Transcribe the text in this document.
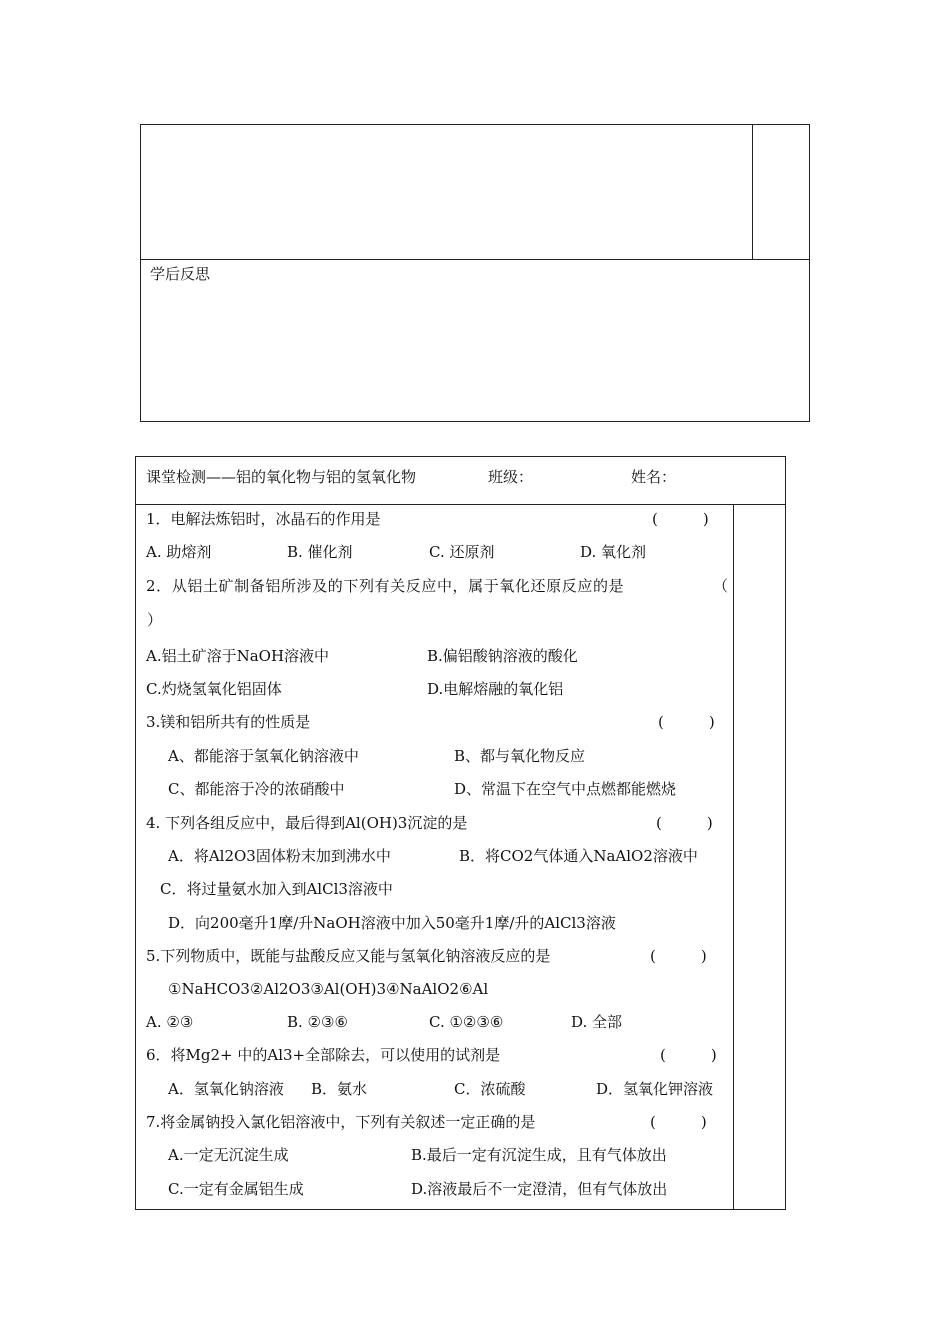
学后反思
课堂检测——铝的氧化物与铝的氢氧化物	班级：	姓名：
1．电解法炼铝时，冰晶石的作用是	(　　　)
A. 助熔剂	B. 催化剂	C. 还原剂	D. 氧化剂
2．从铝土矿制备铝所涉及的下列有关反应中，属于氧化还原反应的是	（
）
A.铝土矿溶于NaOH溶液中	B.偏铝酸钠溶液的酸化
C.灼烧氢氧化铝固体	D.电解熔融的氧化铝
3.镁和铝所共有的性质是	(　　　)
A、都能溶于氢氧化钠溶液中	B、都与氧化物反应
C、都能溶于冷的浓硝酸中	D、常温下在空气中点燃都能燃烧
4. 下列各组反应中，最后得到Al(OH)3沉淀的是	(　　　)
A．将Al2O3固体粉末加到沸水中	B．将CO2气体通入NaAlO2溶液中
C．将过量氨水加入到AlCl3溶液中
D．向200毫升1摩/升NaOH溶液中加入50毫升1摩/升的AlCl3溶液
5.下列物质中，既能与盐酸反应又能与氢氧化钠溶液反应的是	(　　　)
①NaHCO3②Al2O3③Al(OH)3④NaAlO2⑥Al
A. ②③	B. ②③⑥	C. ①②③⑥	D. 全部
6．将Mg2+ 中的Al3+全部除去，可以使用的试剂是	(　　　)
A．氢氧化钠溶液 B．氨水	C．浓硫酸	D．氢氧化钾溶液
7.将金属钠投入氯化铝溶液中，下列有关叙述一定正确的是	(　　　)
A.一定无沉淀生成	B.最后一定有沉淀生成，且有气体放出
C.一定有金属铝生成	D.溶液最后不一定澄清，但有气体放出
